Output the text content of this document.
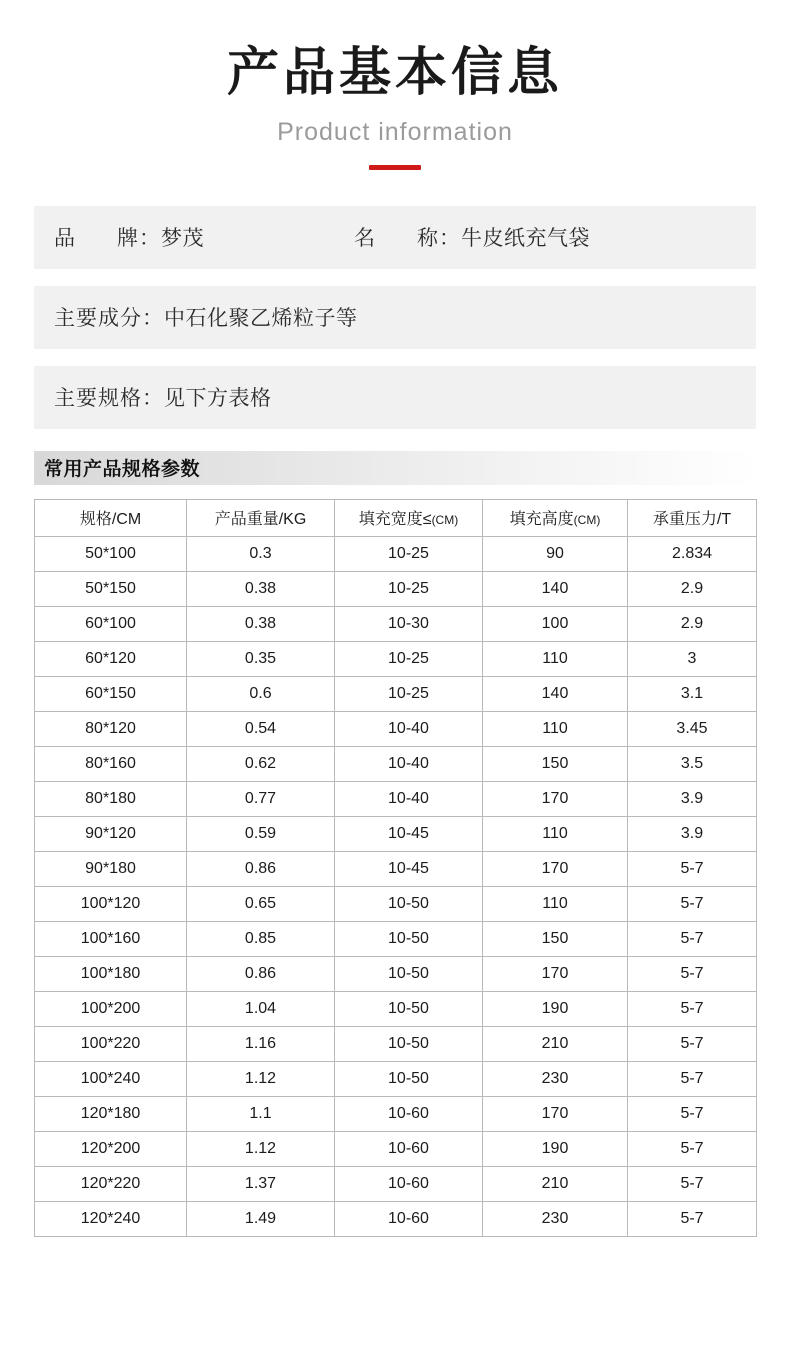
产品基本信息
Product information
品      牌： 梦茂	名      称： 牛皮纸充气袋
主要成分： 中石化聚乙烯粒子等
主要规格： 见下方表格
常用产品规格参数
规格/CM	产品重量/KG	填充宽度≤(CM)	填充高度(CM)	承重压力/T
50*100	0.3	10-25	90	2.834
50*150	0.38	10-25	140	2.9
60*100	0.38	10-30	100	2.9
60*120	0.35	10-25	110	3
60*150	0.6	10-25	140	3.1
80*120	0.54	10-40	110	3.45
80*160	0.62	10-40	150	3.5
80*180	0.77	10-40	170	3.9
90*120	0.59	10-45	110	3.9
90*180	0.86	10-45	170	5-7
100*120	0.65	10-50	110	5-7
100*160	0.85	10-50	150	5-7
100*180	0.86	10-50	170	5-7
100*200	1.04	10-50	190	5-7
100*220	1.16	10-50	210	5-7
100*240	1.12	10-50	230	5-7
120*180	1.1	10-60	170	5-7
120*200	1.12	10-60	190	5-7
120*220	1.37	10-60	210	5-7
120*240	1.49	10-60	230	5-7
